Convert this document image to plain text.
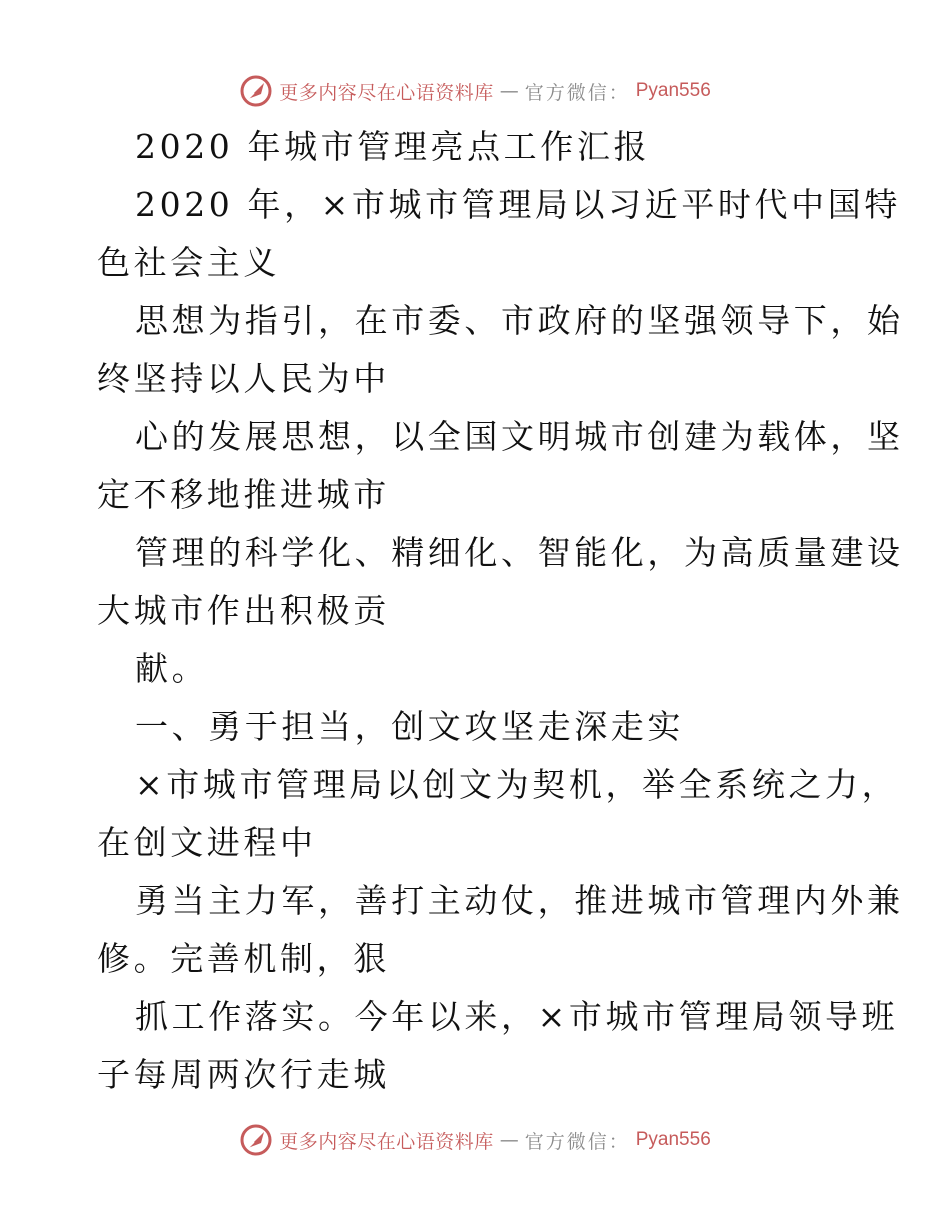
更多内容尽在心语资料库 — 官方微信： Pyan556
2020 年城市管理亮点工作汇报
2020 年，×市城市管理局以习近平时代中国特
色社会主义
思想为指引，在市委、市政府的坚强领导下，始
终坚持以人民为中
心的发展思想，以全国文明城市创建为载体，坚
定不移地推进城市
管理的科学化、精细化、智能化，为高质量建设
大城市作出积极贡
献。
一、勇于担当，创文攻坚走深走实
×市城市管理局以创文为契机，举全系统之力，
在创文进程中
勇当主力军，善打主动仗，推进城市管理内外兼
修。完善机制，狠
抓工作落实。今年以来，×市城市管理局领导班
子每周两次行走城
更多内容尽在心语资料库 — 官方微信： Pyan556
